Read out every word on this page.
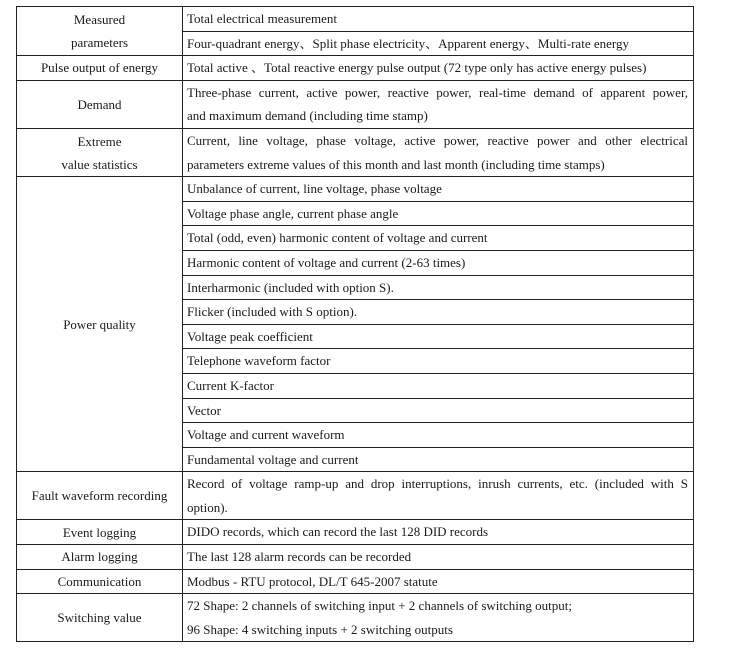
Measured
parameters	Total electrical measurement

	Four-quadrant energy、Split phase electricity、Apparent energy、Multi-rate energy

Pulse output of energy	Total active 、Total reactive energy pulse output (72 type only has active energy pulses)

Demand	Three-phase current, active power, reactive power, real-time demand of apparent power,
and maximum demand (including time stamp)

Extreme
value statistics	Current, line voltage, phase voltage, active power, reactive power and other electrical
parameters extreme values of this month and last month (including time stamps)

Power quality	Unbalance of current, line voltage, phase voltage

	Voltage phase angle, current phase angle

	Total (odd, even) harmonic content of voltage and current

	Harmonic content of voltage and current (2-63 times)

	Interharmonic (included with option S).

	Flicker (included with S option).

	Voltage peak coefficient

	Telephone waveform factor

	Current K-factor

	Vector

	Voltage and current waveform

	Fundamental voltage and current

Fault waveform recording	Record of voltage ramp-up and drop interruptions, inrush currents, etc. (included with S
option).

Event logging	DIDO records, which can record the last 128 DID records

Alarm logging	The last 128 alarm records can be recorded

Communication	Modbus - RTU protocol, DL/T 645-2007 statute

Switching value	72 Shape: 2 channels of switching input + 2 channels of switching output;
96 Shape: 4 switching inputs + 2 switching outputs
